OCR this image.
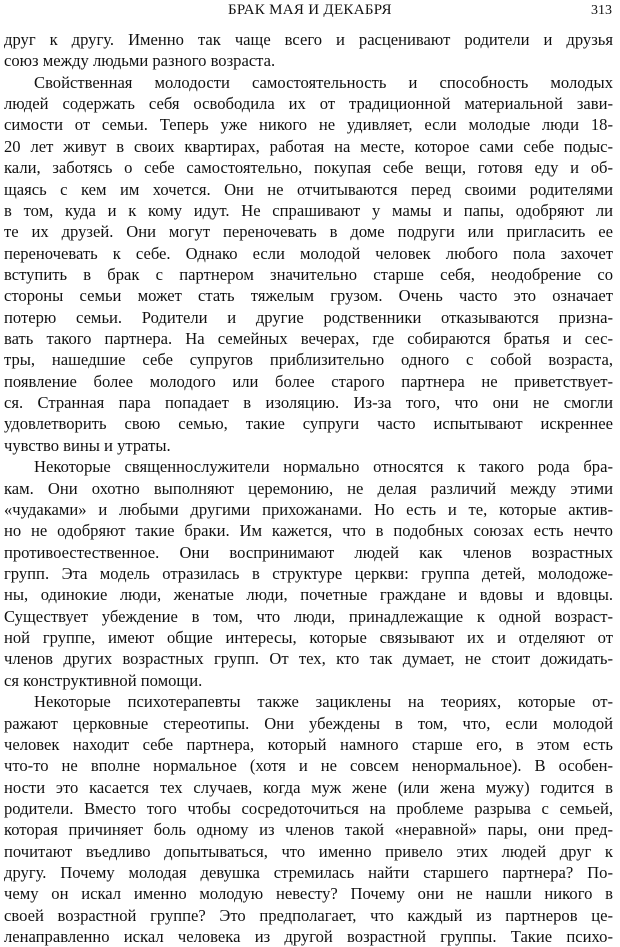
БРАК МАЯ И ДЕКАБРЯ	313
друг к другу. Именно так чаще всего и расценивают родители и друзья
союз между людьми разного возраста.
Свойственная молодости самостоятельность и способность молодых
людей содержать себя освободила их от традиционной материальной зави-
симости от семьи. Теперь уже никого не удивляет, если молодые люди 18-
20 лет живут в своих квартирах, работая на месте, которое сами себе подыс-
кали, заботясь о себе самостоятельно, покупая себе вещи, готовя еду и об-
щаясь с кем им хочется. Они не отчитываются перед своими родителями
в том, куда и к кому идут. Не спрашивают у мамы и папы, одобряют ли
те их друзей. Они могут переночевать в доме подруги или пригласить ее
переночевать к себе. Однако если молодой человек любого пола захочет
вступить в брак с партнером значительно старше себя, неодобрение со
стороны семьи может стать тяжелым грузом. Очень часто это означает
потерю семьи. Родители и другие родственники отказываются призна-
вать такого партнера. На семейных вечерах, где собираются братья и сес-
тры, нашедшие себе супругов приблизительно одного с собой возраста,
появление более молодого или более старого партнера не приветствует-
ся. Странная пара попадает в изоляцию. Из-за того, что они не смогли
удовлетворить свою семью, такие супруги часто испытывают искреннее
чувство вины и утраты.
Некоторые священнослужители нормально относятся к такого рода бра-
кам. Они охотно выполняют церемонию, не делая различий между этими
«чудаками» и любыми другими прихожанами. Но есть и те, которые актив-
но не одобряют такие браки. Им кажется, что в подобных союзах есть нечто
противоестественное. Они воспринимают людей как членов возрастных
групп. Эта модель отразилась в структуре церкви: группа детей, молодоже-
ны, одинокие люди, женатые люди, почетные граждане и вдовы и вдовцы.
Существует убеждение в том, что люди, принадлежащие к одной возраст-
ной группе, имеют общие интересы, которые связывают их и отделяют от
членов других возрастных групп. От тех, кто так думает, не стоит дожидать-
ся конструктивной помощи.
Некоторые психотерапевты также зациклены на теориях, которые от-
ражают церковные стереотипы. Они убеждены в том, что, если молодой
человек находит себе партнера, который намного старше его, в этом есть
что-то не вполне нормальное (хотя и не совсем ненормальное). В особен-
ности это касается тех случаев, когда муж жене (или жена мужу) годится в
родители. Вместо того чтобы сосредоточиться на проблеме разрыва с семьей,
которая причиняет боль одному из членов такой «неравной» пары, они пред-
почитают въедливо допытываться, что именно привело этих людей друг к
другу. Почему молодая девушка стремилась найти старшего партнера? По-
чему он искал именно молодую невесту? Почему они не нашли никого в
своей возрастной группе? Это предполагает, что каждый из партнеров це-
ленаправленно искал человека из другой возрастной группы. Такие психо-
